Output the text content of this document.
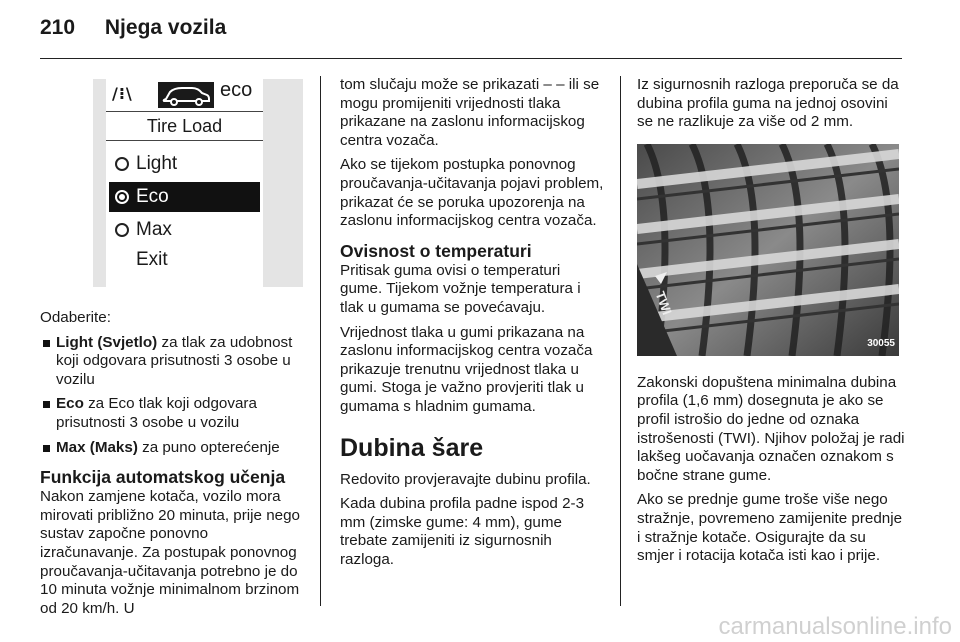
210 Njega vozila
/⁝\	eco
Tire Load
Light
Eco
Max
Exit

Odaberite:

Light (Svjetlo) za tlak za udobnost koji odgovara prisutnosti 3 osobe u vozilu
Eco za Eco tlak koji odgovara prisutnosti 3 osobe u vozilu
Max (Maks) za puno opterećenje
Funkcija automatskog učenja

Nakon zamjene kotača, vozilo mora mirovati približno 20 minuta, prije nego sustav započne ponovno izračunavanje. Za postupak ponovnog proučavanja-učitavanja potrebno je do 10 minuta vožnje minimalnom brzinom od 20 km/h. U

tom slučaju može se prikazati – – ili se mogu promijeniti vrijednosti tlaka prikazane na zaslonu informacijskog centra vozača.

Ako se tijekom postupka ponovnog proučavanja-učitavanja pojavi problem, prikazat će se poruka upozorenja na zaslonu informacijskog centra vozača.

Ovisnost o temperaturi

Pritisak guma ovisi o temperaturi gume. Tijekom vožnje temperatura i tlak u gumama se povećavaju.

Vrijednost tlaka u gumi prikazana na zaslonu informacijskog centra vozača prikazuje trenutnu vrijednost tlaka u gumi. Stoga je važno provjeriti tlak u gumama s hladnim gumama.

Dubina šare

Redovito provjeravajte dubinu profila.

Kada dubina profila padne ispod 2-3 mm (zimske gume: 4 mm), gume trebate zamijeniti iz sigurnosnih razloga.

Iz sigurnosnih razloga preporuča se da dubina profila guma na jednoj osovini se ne razlikuje za više od 2 mm.

TWI
30055

Zakonski dopuštena minimalna dubina profila (1,6 mm) dosegnuta je ako se profil istrošio do jedne od oznaka istrošenosti (TWI). Njihov položaj je radi lakšeg uočavanja označen oznakom s bočne strane gume.

Ako se prednje gume troše više nego stražnje, povremeno zamijenite prednje i stražnje kotače. Osigurajte da su smjer i rotacija kotača isti kao i prije.

carmanualsonline.info
